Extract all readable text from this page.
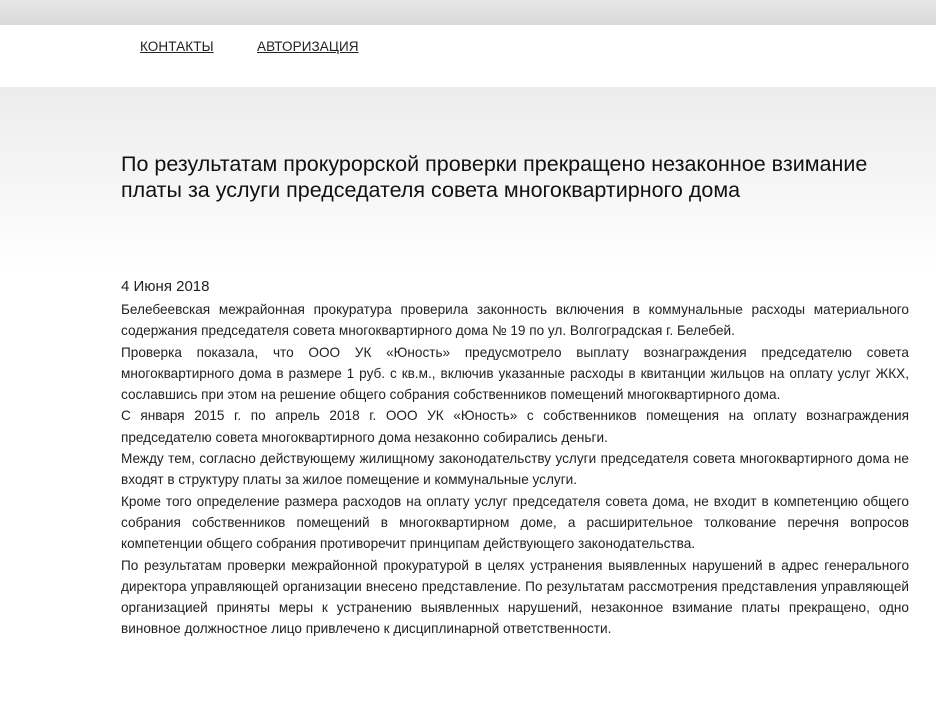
КОНТАКТЫ	АВТОРИЗАЦИЯ
По результатам прокурорской проверки прекращено незаконное взимание платы за услуги председателя совета многоквартирного дома
4 Июня 2018

Белебеевская межрайонная прокуратура проверила законность включения в коммунальные расходы материального содержания председателя совета многоквартирного дома № 19 по ул. Волгоградская г. Белебей.

Проверка показала, что ООО УК «Юность» предусмотрело выплату вознаграждения председателю совета многоквартирного дома в размере 1 руб. с кв.м., включив указанные расходы в квитанции жильцов на оплату услуг ЖКХ, сославшись при этом на решение общего собрания собственников помещений многоквартирного дома.

С января 2015 г. по апрель 2018 г. ООО УК «Юность» с собственников помещения на оплату вознаграждения председателю совета многоквартирного дома незаконно собирались деньги.

Между тем, согласно действующему жилищному законодательству услуги председателя совета многоквартирного дома не входят в структуру платы за жилое помещение и коммунальные услуги.

Кроме того определение размера расходов на оплату услуг председателя совета дома, не входит в компетенцию общего собрания собственников помещений в многоквартирном доме, а расширительное толкование перечня вопросов компетенции общего собрания противоречит принципам действующего законодательства.

По результатам проверки межрайонной прокуратурой в целях устранения выявленных нарушений в адрес генерального директора управляющей организации внесено представление. По результатам рассмотрения представления управляющей организацией приняты меры к устранению выявленных нарушений, незаконное взимание платы прекращено, одно виновное должностное лицо привлечено к дисциплинарной ответственности.
